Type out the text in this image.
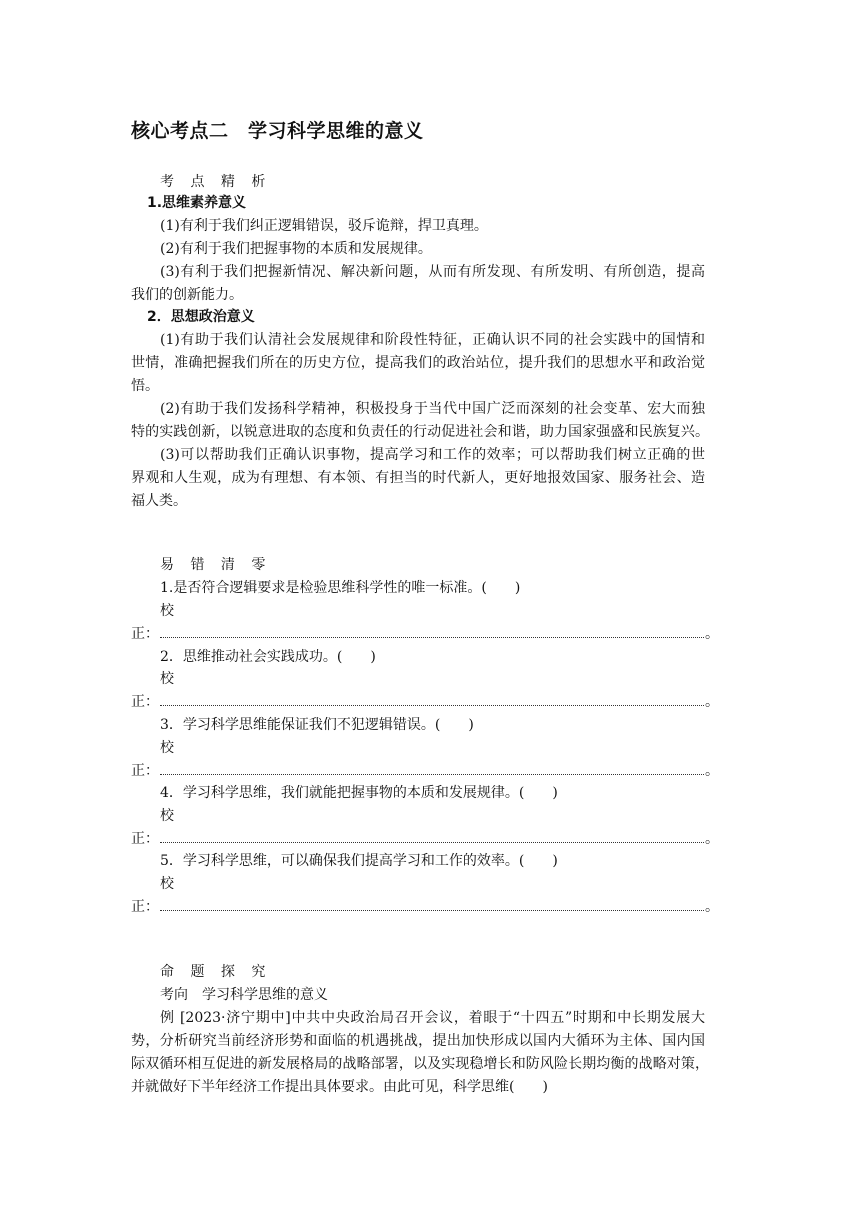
核心考点二　学习科学思维的意义
考 点 精 析
1.思维素养意义
(1)有利于我们纠正逻辑错误，驳斥诡辩，捍卫真理。
(2)有利于我们把握事物的本质和发展规律。
(3)有利于我们把握新情况、解决新问题，从而有所发现、有所发明、有所创造，提高
我们的创新能力。
2．思想政治意义
(1)有助于我们认清社会发展规律和阶段性特征，正确认识不同的社会实践中的国情和
世情，准确把握我们所在的历史方位，提高我们的政治站位，提升我们的思想水平和政治觉
悟。
(2)有助于我们发扬科学精神，积极投身于当代中国广泛而深刻的社会变革、宏大而独
特的实践创新，以锐意进取的态度和负责任的行动促进社会和谐，助力国家强盛和民族复兴。
(3)可以帮助我们正确认识事物，提高学习和工作的效率；可以帮助我们树立正确的世
界观和人生观，成为有理想、有本领、有担当的时代新人，更好地报效国家、服务社会、造
福人类。
易 错 清 零
1.是否符合逻辑要求是检验思维科学性的唯一标准。(　　)
校
正：	。
2．思维推动社会实践成功。(　　)
校
正：	。
3．学习科学思维能保证我们不犯逻辑错误。(　　)
校
正：	。
4．学习科学思维，我们就能把握事物的本质和发展规律。(　　)
校
正：	。
5．学习科学思维，可以确保我们提高学习和工作的效率。(　　)
校
正：	。
命 题 探 究
考向　学习科学思维的意义
例 [2023·济宁期中]中共中央政治局召开会议，着眼于“十四五”时期和中长期发展大
势，分析研究当前经济形势和面临的机遇挑战，提出加快形成以国内大循环为主体、国内国
际双循环相互促进的新发展格局的战略部署，以及实现稳增长和防风险长期均衡的战略对策，
并就做好下半年经济工作提出具体要求。由此可见，科学思维(　　)
